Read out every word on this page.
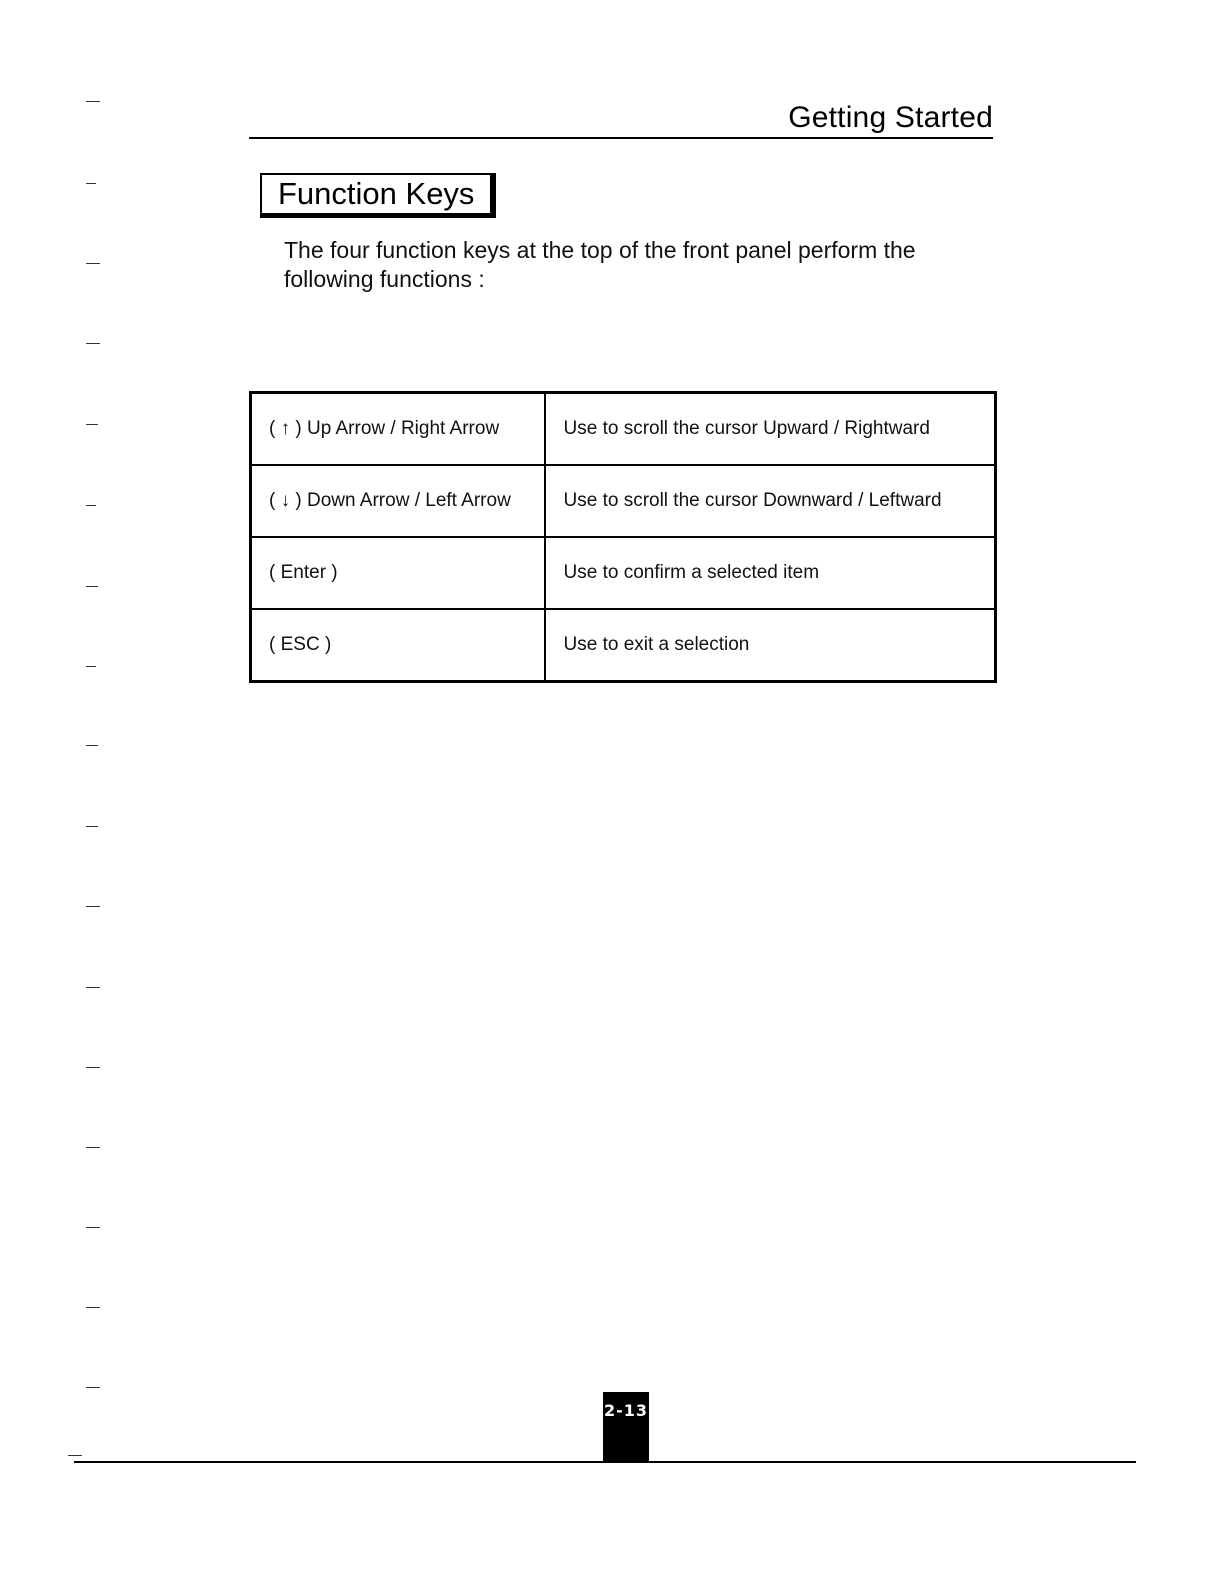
Getting Started
Function Keys
The four function keys at the top of the front panel perform the following functions :
( ↑ ) Up Arrow / Right Arrow	Use to scroll the cursor Upward / Rightward
( ↓ ) Down Arrow / Left Arrow	Use to scroll the cursor Downward / Leftward
( Enter )	Use to confirm a selected item
( ESC )	Use to exit a selection
2-13
